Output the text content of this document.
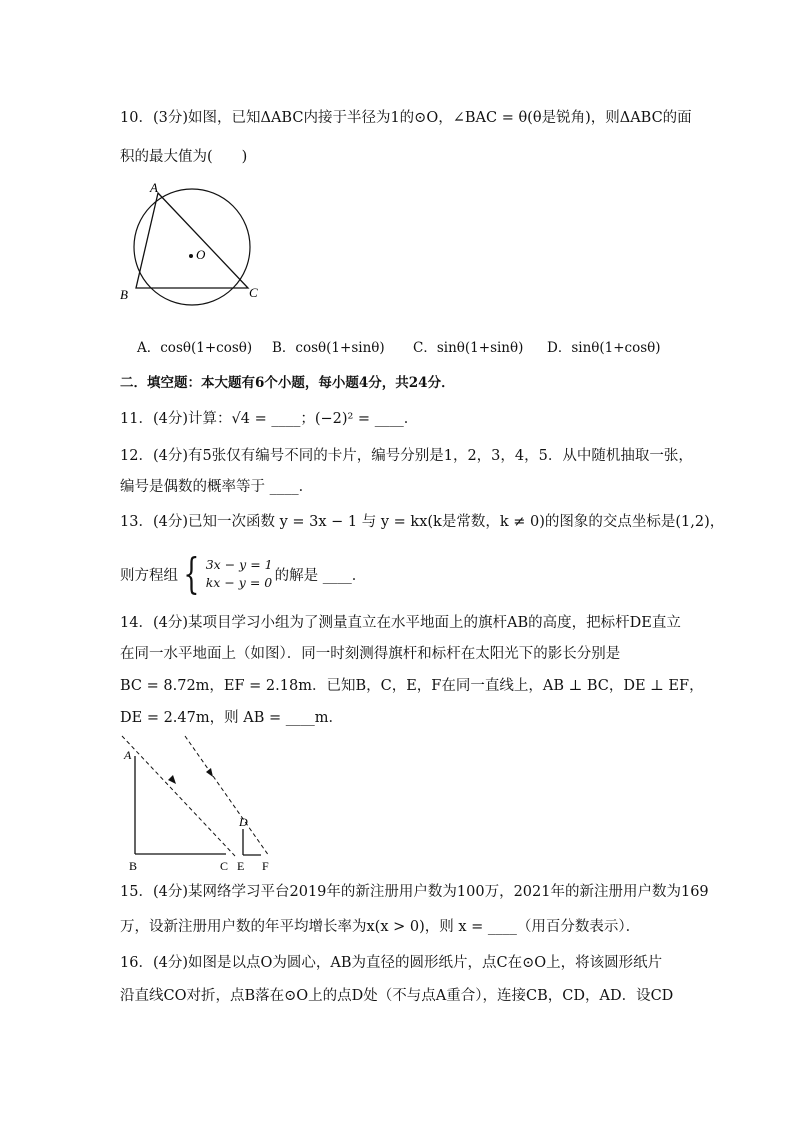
10．(3分)如图，已知ΔABC内接于半径为1的⊙O，∠BAC = θ(θ是锐角)，则ΔABC的面
积的最大值为(　　)
A
B	C
O
A．cosθ(1+cosθ) B．cosθ(1+sinθ) C．sinθ(1+sinθ) D．sinθ(1+cosθ)
二．填空题：本大题有6个小题，每小题4分，共24分．
11．(4分)计算：√4 = ____；(−2)² = ____．
12．(4分)有5张仅有编号不同的卡片，编号分别是1，2，3，4，5．从中随机抽取一张，
编号是偶数的概率等于 ____．
13．(4分)已知一次函数 y = 3x − 1 与 y = kx(k是常数，k ≠ 0)的图象的交点坐标是(1,2)，
则方程组 { 3x − y = 1
kx − y = 0 的解是 ____．
14．(4分)某项目学习小组为了测量直立在水平地面上的旗杆AB的高度，把标杆DE直立
在同一水平地面上（如图）．同一时刻测得旗杆和标杆在太阳光下的影长分别是
BC = 8.72m，EF = 2.18m．已知B，C，E，F在同一直线上，AB ⊥ BC，DE ⊥ EF，
DE = 2.47m，则 AB = ____m．
A
B	C
D
E F
15．(4分)某网络学习平台2019年的新注册用户数为100万，2021年的新注册用户数为169
万，设新注册用户数的年平均增长率为x(x > 0)，则 x = ____（用百分数表示）．
16．(4分)如图是以点O为圆心，AB为直径的圆形纸片，点C在⊙O上，将该圆形纸片
沿直线CO对折，点B落在⊙O上的点D处（不与点A重合），连接CB，CD，AD．设CD
